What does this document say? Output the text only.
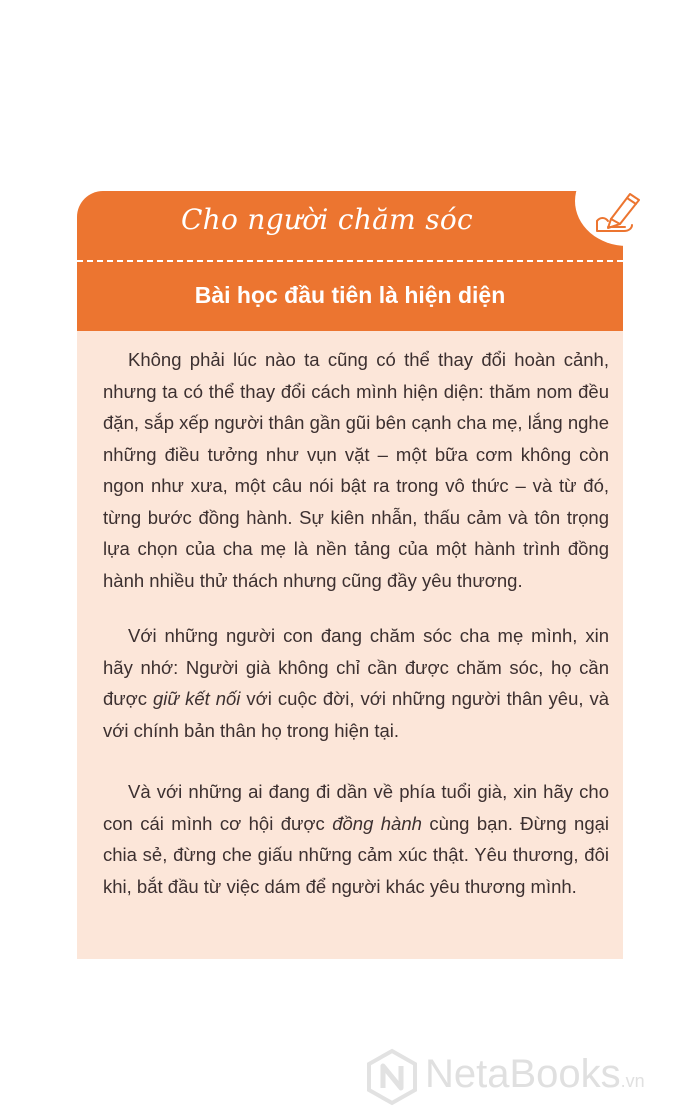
Cho người chăm sóc
Bài học đầu tiên là hiện diện

Không phải lúc nào ta cũng có thể thay đổi hoàn cảnh, nhưng ta có thể thay đổi cách mình hiện diện: thăm nom đều đặn, sắp xếp người thân gần gũi bên cạnh cha mẹ, lắng nghe những điều tưởng như vụn vặt – một bữa cơm không còn ngon như xưa, một câu nói bật ra trong vô thức – và từ đó, từng bước đồng hành. Sự kiên nhẫn, thấu cảm và tôn trọng lựa chọn của cha mẹ là nền tảng của một hành trình đồng hành nhiều thử thách nhưng cũng đầy yêu thương.

Với những người con đang chăm sóc cha mẹ mình, xin hãy nhớ: Người già không chỉ cần được chăm sóc, họ cần được giữ kết nối với cuộc đời, với những người thân yêu, và với chính bản thân họ trong hiện tại.

Và với những ai đang đi dần về phía tuổi già, xin hãy cho con cái mình cơ hội được đồng hành cùng bạn. Đừng ngại chia sẻ, đừng che giấu những cảm xúc thật. Yêu thương, đôi khi, bắt đầu từ việc dám để người khác yêu thương mình.

NetaBooks.vn
